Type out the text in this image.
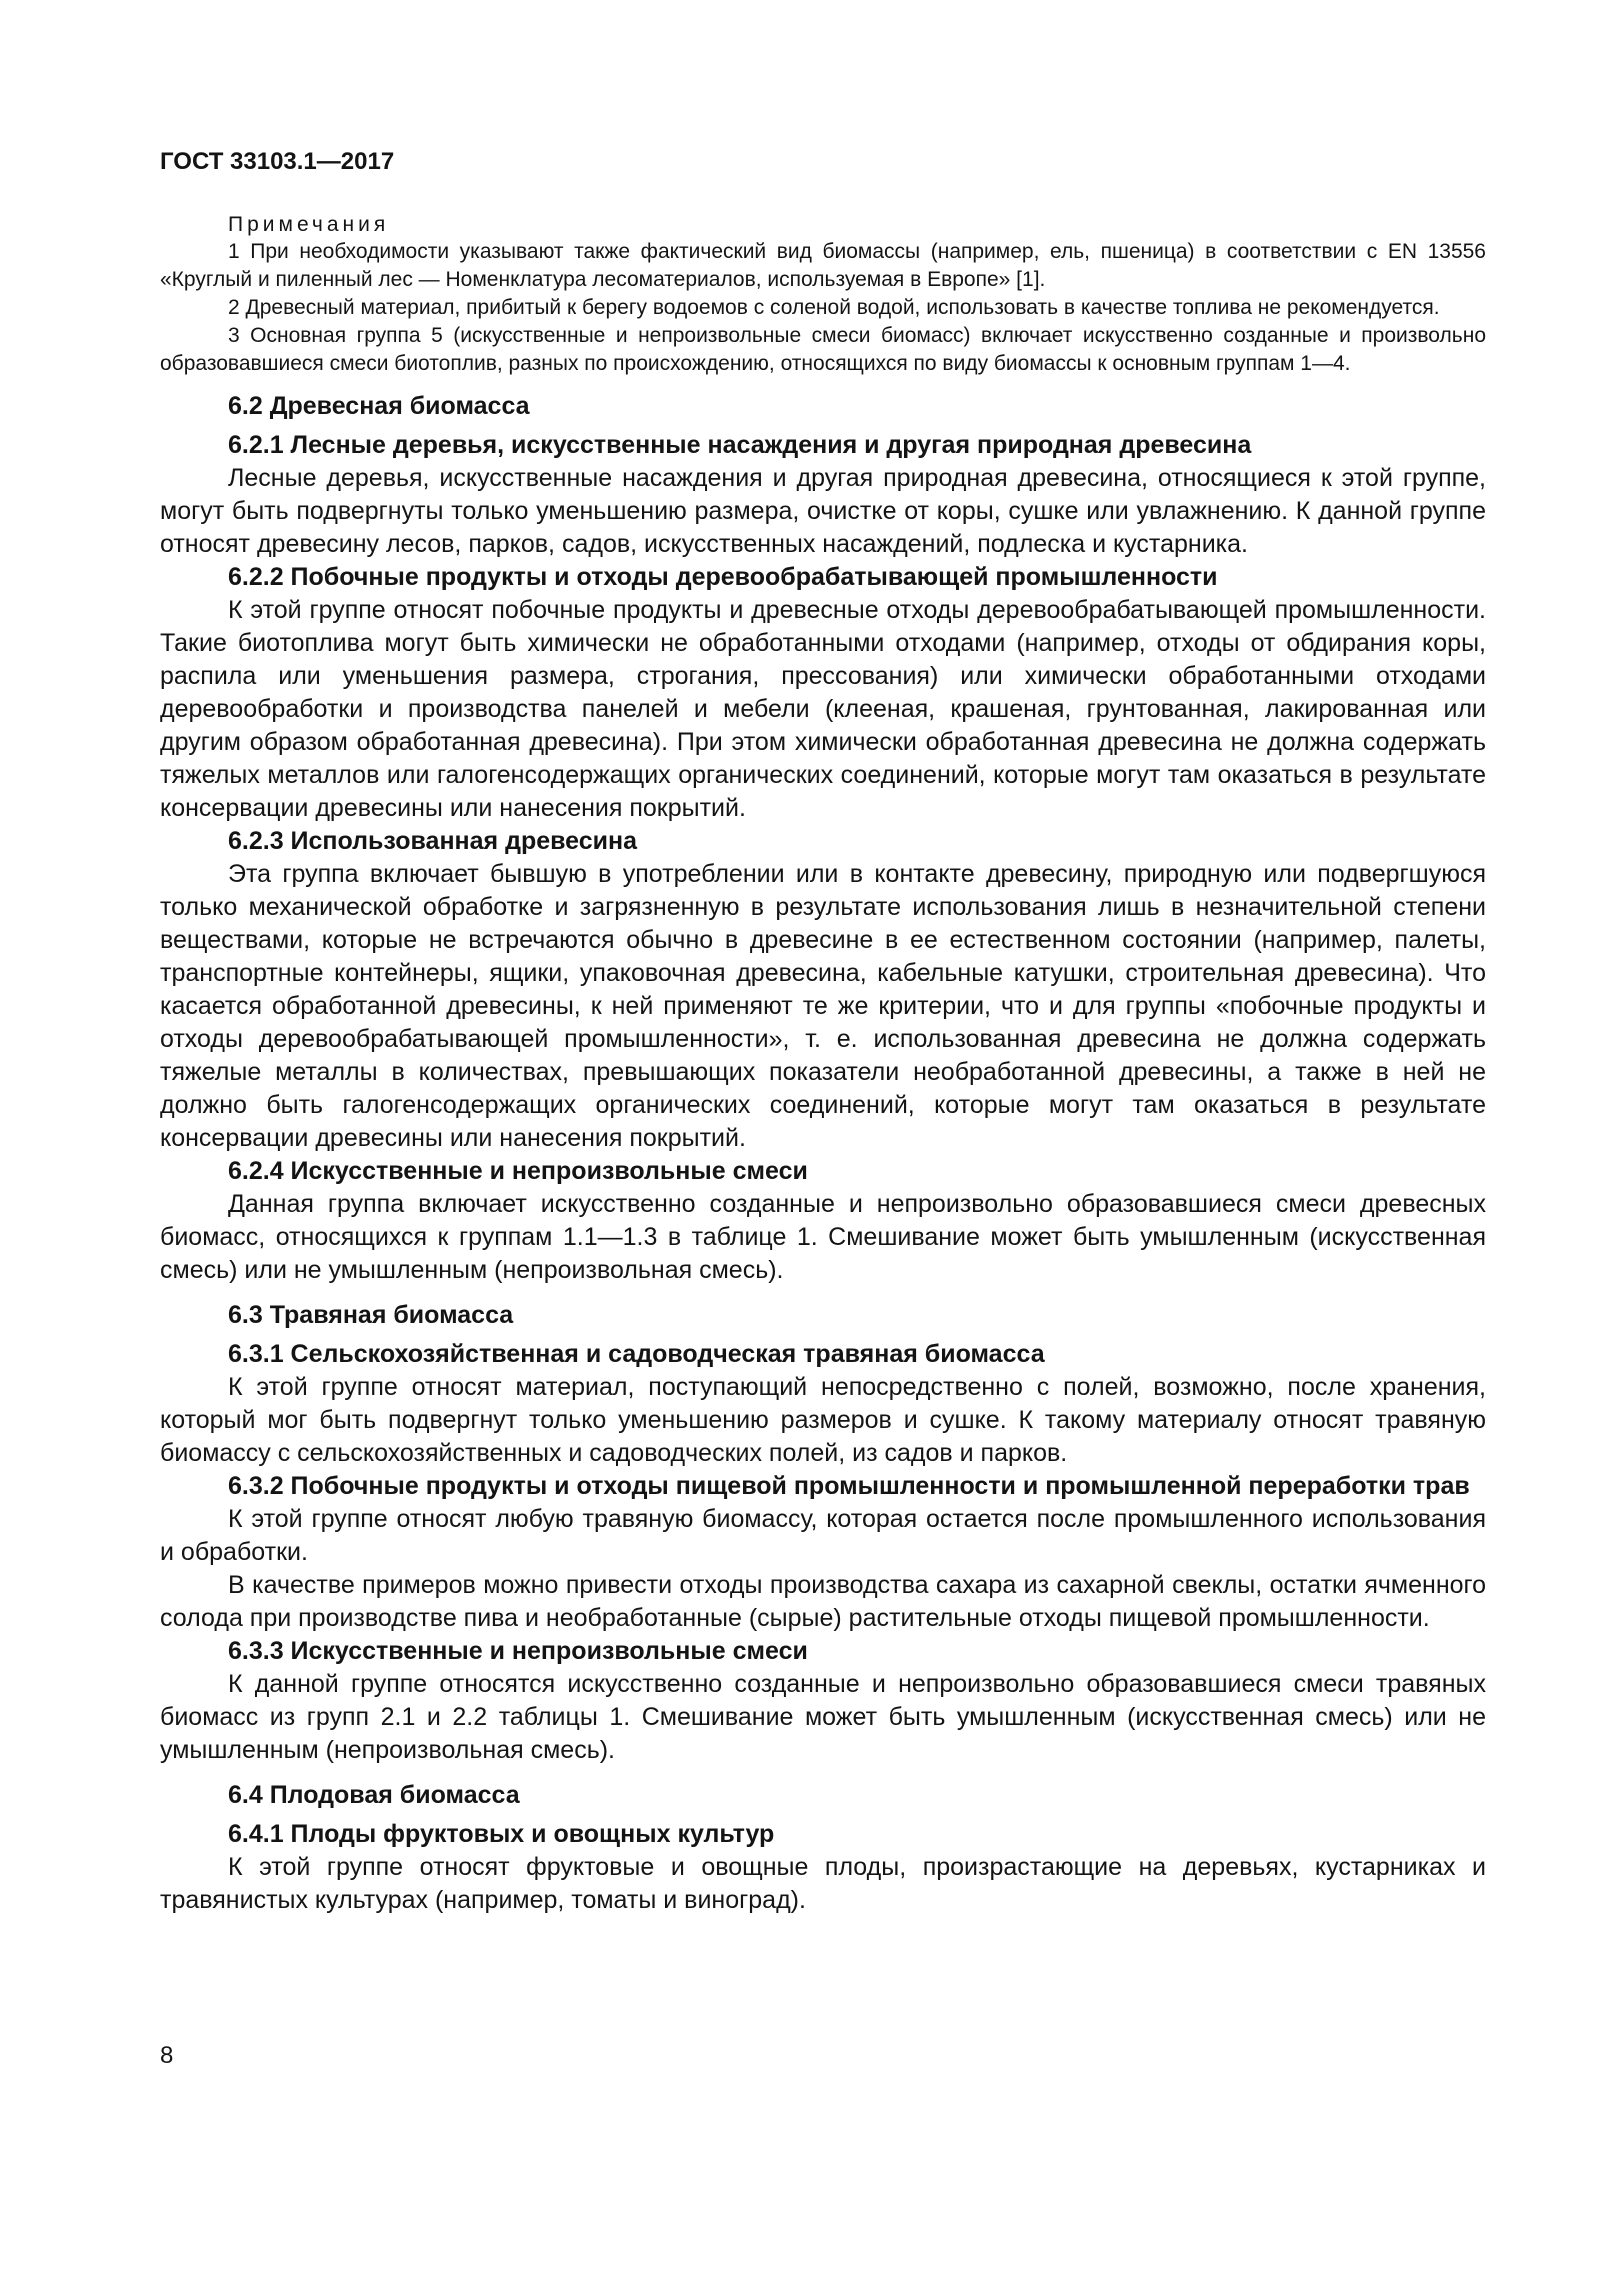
ГОСТ 33103.1—2017
Примечания

1 При необходимости указывают также фактический вид биомассы (например, ель, пшеница) в соответствии с EN 13556 «Круглый и пиленный лес — Номенклатура лесоматериалов, используемая в Европе» [1].

2 Древесный материал, прибитый к берегу водоемов с соленой водой, использовать в качестве топлива не рекомендуется.

3 Основная группа 5 (искусственные и непроизвольные смеси биомасс) включает искусственно созданные и произвольно образовавшиеся смеси биотоплив, разных по происхождению, относящихся по виду биомассы к основным группам 1—4.

6.2 Древесная биомасса
6.2.1 Лесные деревья, искусственные насаждения и другая природная древесина

Лесные деревья, искусственные насаждения и другая природная древесина, относящиеся к этой группе, могут быть подвергнуты только уменьшению размера, очистке от коры, сушке или увлажнению. К данной группе относят древесину лесов, парков, садов, искусственных насаждений, подлеска и кустарника.

6.2.2 Побочные продукты и отходы деревообрабатывающей промышленности

К этой группе относят побочные продукты и древесные отходы деревообрабатывающей промышленности. Такие биотоплива могут быть химически не обработанными отходами (например, отходы от обдирания коры, распила или уменьшения размера, строгания, прессования) или химически обработанными отходами деревообработки и производства панелей и мебели (клееная, крашеная, грунтованная, лакированная или другим образом обработанная древесина). При этом химически обработанная древесина не должна содержать тяжелых металлов или галогенсодержащих органических соединений, которые могут там оказаться в результате консервации древесины или нанесения покрытий.

6.2.3 Использованная древесина

Эта группа включает бывшую в употреблении или в контакте древесину, природную или подвергшуюся только механической обработке и загрязненную в результате использования лишь в незначительной степени веществами, которые не встречаются обычно в древесине в ее естественном состоянии (например, палеты, транспортные контейнеры, ящики, упаковочная древесина, кабельные катушки, строительная древесина). Что касается обработанной древесины, к ней применяют те же критерии, что и для группы «побочные продукты и отходы деревообрабатывающей промышленности», т. е. использованная древесина не должна содержать тяжелые металлы в количествах, превышающих показатели необработанной древесины, а также в ней не должно быть галогенсодержащих органических соединений, которые могут там оказаться в результате консервации древесины или нанесения покрытий.

6.2.4 Искусственные и непроизвольные смеси

Данная группа включает искусственно созданные и непроизвольно образовавшиеся смеси древесных биомасс, относящихся к группам 1.1—1.3 в таблице 1. Смешивание может быть умышленным (искусственная смесь) или не умышленным (непроизвольная смесь).

6.3 Травяная биомасса
6.3.1 Сельскохозяйственная и садоводческая травяная биомасса

К этой группе относят материал, поступающий непосредственно с полей, возможно, после хранения, который мог быть подвергнут только уменьшению размеров и сушке. К такому материалу относят травяную биомассу с сельскохозяйственных и садоводческих полей, из садов и парков.

6.3.2 Побочные продукты и отходы пищевой промышленности и промышленной переработки трав

К этой группе относят любую травяную биомассу, которая остается после промышленного использования и обработки.

В качестве примеров можно привести отходы производства сахара из сахарной свеклы, остатки ячменного солода при производстве пива и необработанные (сырые) растительные отходы пищевой промышленности.

6.3.3 Искусственные и непроизвольные смеси

К данной группе относятся искусственно созданные и непроизвольно образовавшиеся смеси травяных биомасс из групп 2.1 и 2.2 таблицы 1. Смешивание может быть умышленным (искусственная смесь) или не умышленным (непроизвольная смесь).

6.4 Плодовая биомасса
6.4.1 Плоды фруктовых и овощных культур

К этой группе относят фруктовые и овощные плоды, произрастающие на деревьях, кустарниках и травянистых культурах (например, томаты и виноград).

8
